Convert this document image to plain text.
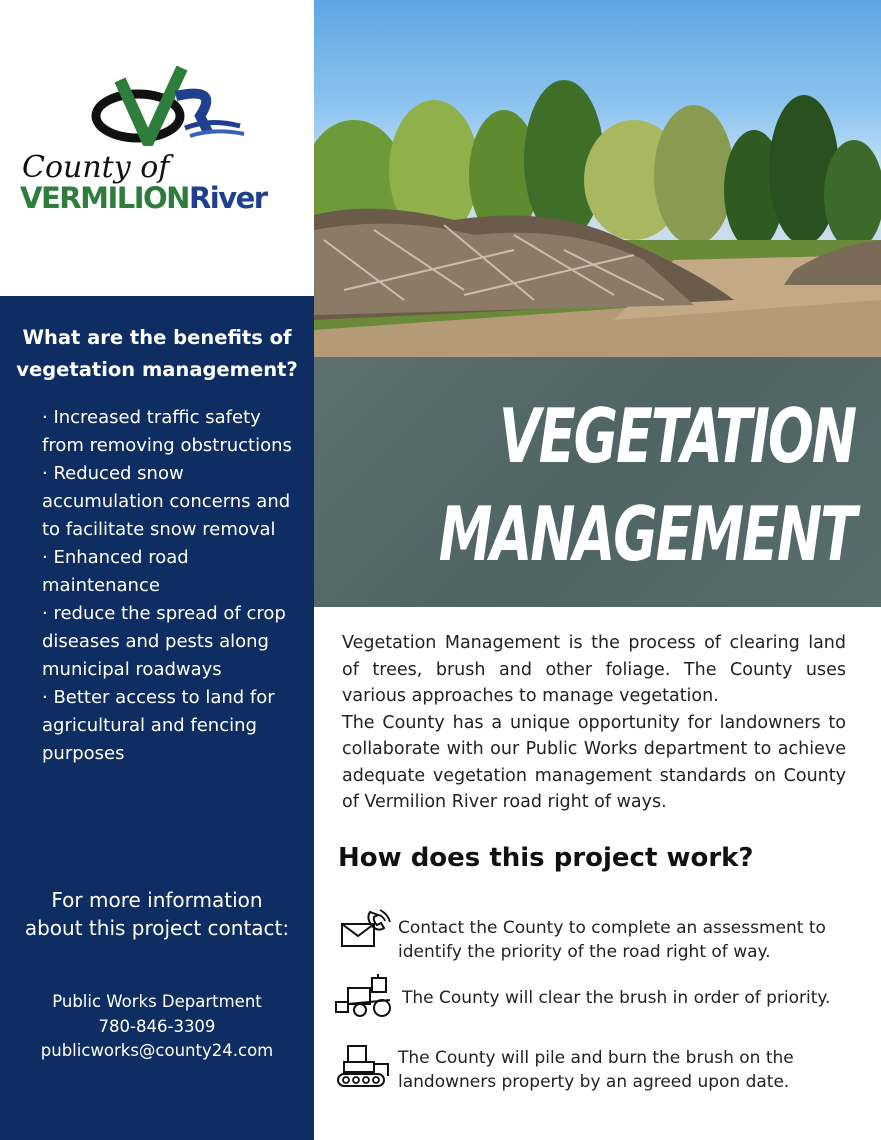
County of
VERMILIONRiver
VEGETATION
MANAGEMENT
What are the benefits of vegetation management?
· Increased traffic safety from removing obstructions
· Reduced snow accumulation concerns and to facilitate snow removal
· Enhanced road maintenance
· reduce the spread of crop diseases and pests along municipal roadways
· Better access to land for agricultural and fencing purposes
For more information about this project contact:
Public Works Department
780-846-3309
publicworks@county24.com

Vegetation Management is the process of clearing land of trees, brush and other foliage. The County uses various approaches to manage vegetation.

The County has a unique opportunity for landowners to collaborate with our Public Works department to achieve adequate vegetation management standards on County of Vermilion River road right of ways.

How does this project work?
Contact the County to complete an assessment to identify the priority of the road right of way.
The County will clear the brush in order of priority.
The County will pile and burn the brush on the landowners property by an agreed upon date.
